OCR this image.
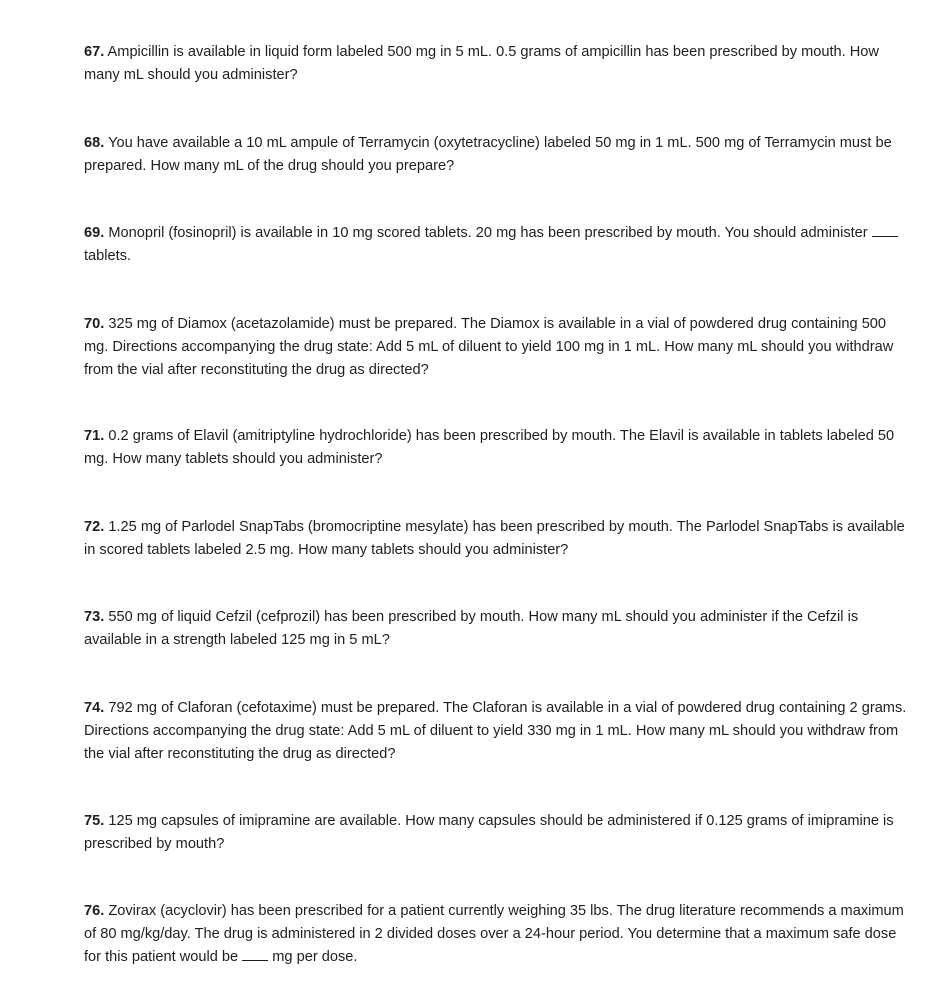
67. Ampicillin is available in liquid form labeled 500 mg in 5 mL. 0.5 grams of ampicillin has been prescribed by mouth. How many mL should you administer?
68. You have available a 10 mL ampule of Terramycin (oxytetracycline) labeled 50 mg in 1 mL. 500 mg of Terramycin must be prepared. How many mL of the drug should you prepare?
69. Monopril (fosinopril) is available in 10 mg scored tablets. 20 mg has been prescribed by mouth. You should administer  tablets.
70. 325 mg of Diamox (acetazolamide) must be prepared. The Diamox is available in a vial of powdered drug containing 500 mg. Directions accompanying the drug state: Add 5 mL of diluent to yield 100 mg in 1 mL. How many mL should you withdraw from the vial after reconstituting the drug as directed?
71. 0.2 grams of Elavil (amitriptyline hydrochloride) has been prescribed by mouth. The Elavil is available in tablets labeled 50 mg. How many tablets should you administer?
72. 1.25 mg of Parlodel SnapTabs (bromocriptine mesylate) has been prescribed by mouth. The Parlodel SnapTabs is available in scored tablets labeled 2.5 mg. How many tablets should you administer?
73. 550 mg of liquid Cefzil (cefprozil) has been prescribed by mouth. How many mL should you administer if the Cefzil is available in a strength labeled 125 mg in 5 mL?
74. 792 mg of Claforan (cefotaxime) must be prepared. The Claforan is available in a vial of powdered drug containing 2 grams. Directions accompanying the drug state: Add 5 mL of diluent to yield 330 mg in 1 mL. How many mL should you withdraw from the vial after reconstituting the drug as directed?
75. 125 mg capsules of imipramine are available. How many capsules should be administered if 0.125 grams of imipramine is prescribed by mouth?
76. Zovirax (acyclovir) has been prescribed for a patient currently weighing 35 lbs. The drug literature recommends a maximum of 80 mg/kg/day. The drug is administered in 2 divided doses over a 24-hour period. You determine that a maximum safe dose for this patient would be mg per dose.
